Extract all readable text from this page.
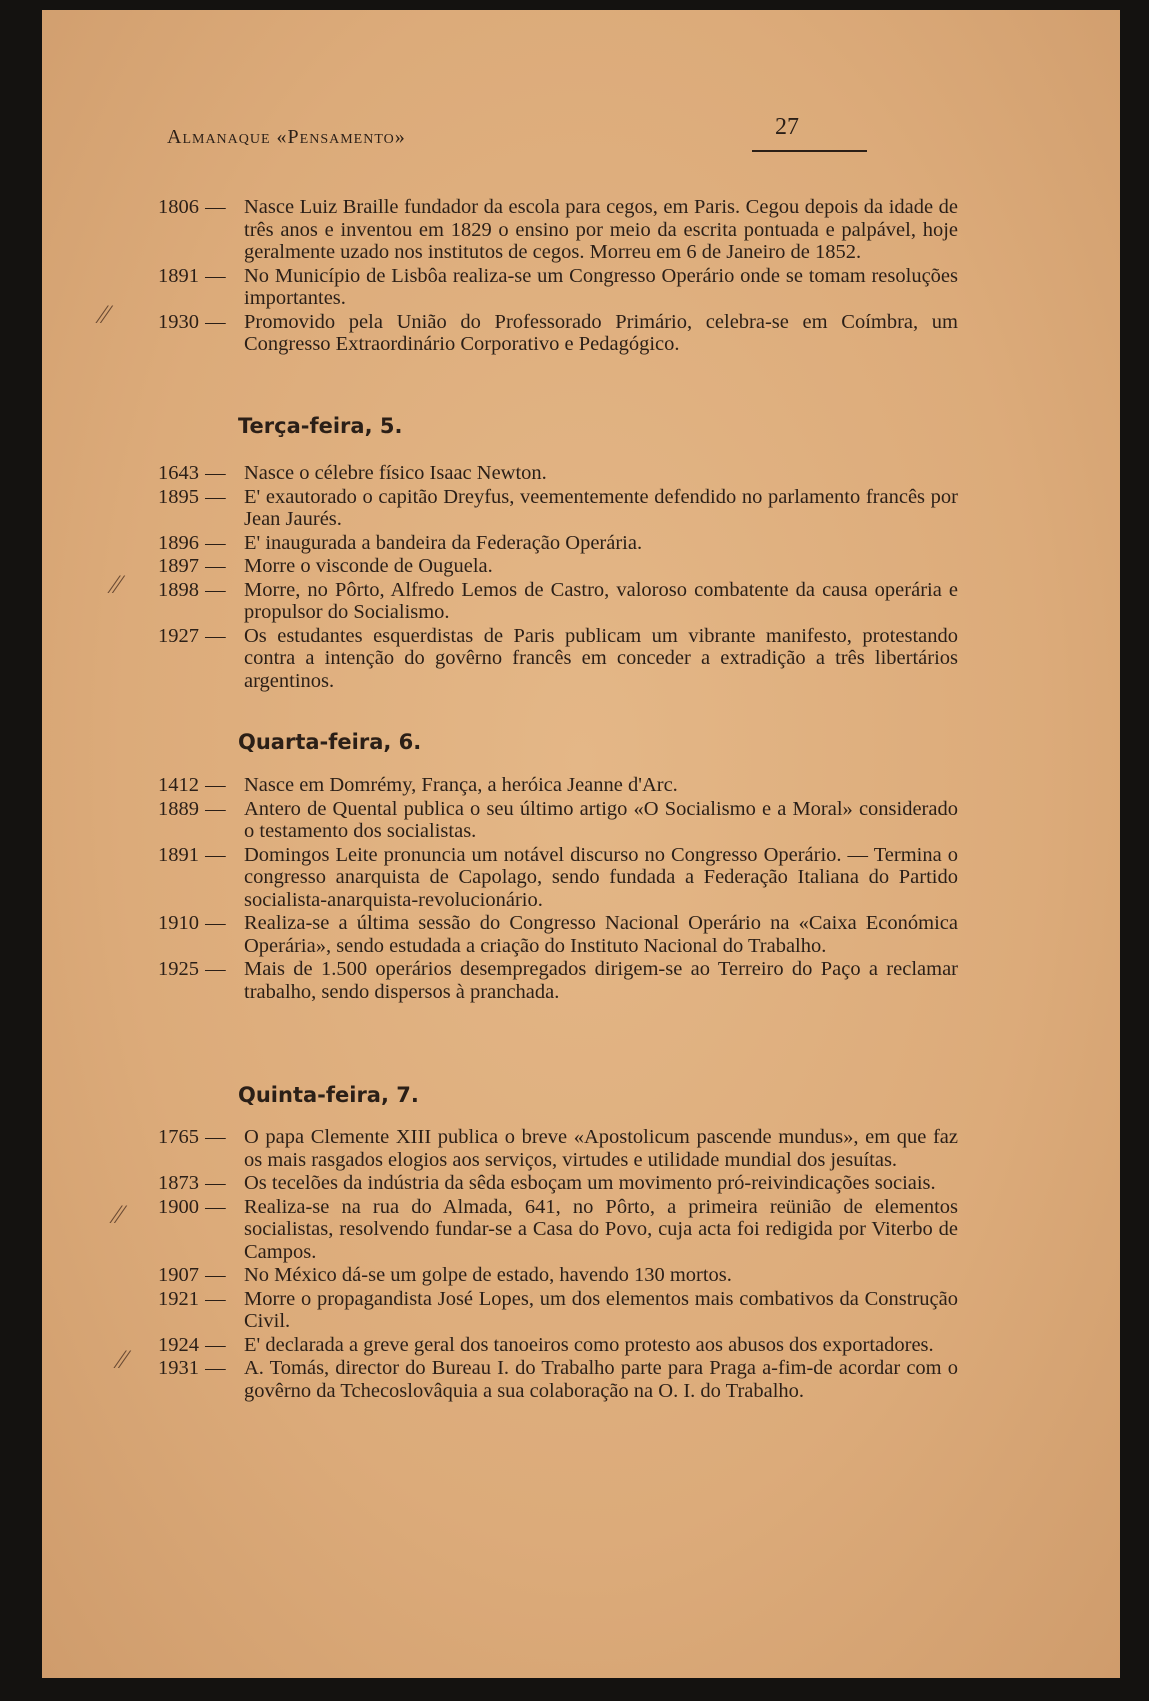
Almanaque «Pensamento»	27
1806 — Nasce Luiz Braille fundador da escola para cegos, em Paris. Cegou depois da idade de três anos e inventou em 1829 o ensino por meio da escrita pontuada e palpável, hoje geralmente uzado nos institutos de cegos. Morreu em 6 de Janeiro de 1852.
1891 — No Município de Lisbôa realiza-se um Congresso Operário onde se tomam resoluções importantes.
1930 — Promovido pela União do Professorado Primário, celebra-se em Coímbra, um Congresso Extraordinário Corporativo e Pedagógico.
Terça-feira, 5.
1643 — Nasce o célebre físico Isaac Newton.
1895 — E' exautorado o capitão Dreyfus, veementemente defendido no parlamento francês por Jean Jaurés.
1896 — E' inaugurada a bandeira da Federação Operária.
1897 — Morre o visconde de Ouguela.
1898 — Morre, no Pôrto, Alfredo Lemos de Castro, valoroso combatente da causa operária e propulsor do Socialismo.
1927 — Os estudantes esquerdistas de Paris publicam um vibrante manifesto, protestando contra a intenção do govêrno francês em conceder a extradição a três libertários argentinos.
Quarta-feira, 6.
1412 — Nasce em Domrémy, França, a heróica Jeanne d'Arc.
1889 — Antero de Quental publica o seu último artigo «O Socialismo e a Moral» considerado o testamento dos socialistas.
1891 — Domingos Leite pronuncia um notável discurso no Congresso Operário. — Termina o congresso anarquista de Capolago, sendo fundada a Federação Italiana do Partido socialista-anarquista-revolucionário.
1910 — Realiza-se a última sessão do Congresso Nacional Operário na «Caixa Económica Operária», sendo estudada a criação do Instituto Nacional do Trabalho.
1925 — Mais de 1.500 operários desempregados dirigem-se ao Terreiro do Paço a reclamar trabalho, sendo dispersos à pranchada.
Quinta-feira, 7.
1765 — O papa Clemente XIII publica o breve «Apostolicum pascende mundus», em que faz os mais rasgados elogios aos serviços, virtudes e utilidade mundial dos jesuítas.
1873 — Os tecelões da indústria da sêda esboçam um movimento pró-reivindicações sociais.
1900 — Realiza-se na rua do Almada, 641, no Pôrto, a primeira reünião de elementos socialistas, resolvendo fundar-se a Casa do Povo, cuja acta foi redigida por Viterbo de Campos.
1907 — No México dá-se um golpe de estado, havendo 130 mortos.
1921 — Morre o propagandista José Lopes, um dos elementos mais combativos da Construção Civil.
1924 — E' declarada a greve geral dos tanoeiros como protesto aos abusos dos exportadores.
1931 — A. Tomás, director do Bureau I. do Trabalho parte para Praga a-fim-de acordar com o govêrno da Tchecoslovâquia a sua colaboração na O. I. do Trabalho.
⁄⁄
⁄⁄
⁄⁄
⁄⁄
